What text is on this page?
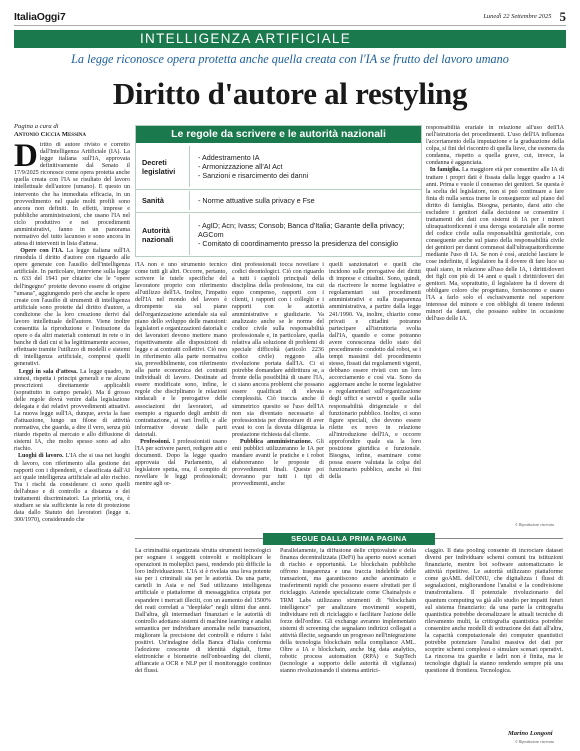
ItaliaOggi7	Lunedì 22 Settembre 2025 5
INTELLIGENZA ARTIFICIALE
La legge riconosce opera protetta anche quella creata con l'IA se frutto del lavoro umano
Diritto d'autore al restyling
Pagina a cura di
Antonio Ciccia Messina

Diritto di autore rivisto e corretto dall'Intelligenza Artificiale (IA). La legge italiana sull'IA, approvata definitivamente dal Senato il 17/9/2025 riconosce come opera protetta anche quella creata con l'IA se risultato del lavoro intellettuale dell'autore (umano). E questo un intervento che ha immediata efficacia, in un provvedimento nel quale molti profili sono ancora non definiti. In effetti, imprese e pubbliche amministrazioni, che usano l'IA nel ciclo produttivo e nei procedimenti amministrativi, fanno in un panorama normativo del tutto lacunoso e sono ancora in attesa di interventi in lista d'attesa.

Opere con l'IA. La legge italiana sull'IA rimodula il diritto d'autore con riguardo alle opere generate con l'ausilio dell'intelligenza artificiale. In particolare, interviene sulla legge n. 633 del 1941 per chiarire che le "opere dell'ingegno" protette devono essere di origine "umana", aggiungendo però che anche le opere create con l'ausilio di strumenti di intelligenza artificiale sono protette dal diritto d'autore, a condizione che la loro creazione derivi dal lavoro intellettuale dell'autore. Viene inoltre consentita la riproduzione e l'estrazione da opere o da altri materiali contenuti in rete o in banche di dati cui si ha legittimamente accesso, effettuate tramite l'utilizzo di modelli e sistemi di intelligenza artificiale, compresi quelli generativi.

Leggi in sala d'attesa. La legge quadro, in sintesi, rispetta i principi generali e ne alcune prescrizioni direttamente applicabili (soprattutto in campo penale). Ma il grosso delle regole dovrà venire dalla legislazione delegata e dai relativi provvedimenti attuativi. La nuova legge sull'IA, dunque, avvia la fase d'attuazione, lungo un filone di attività normativa, che guarda, a dire il vero, senza più ritardo rispetto al mercato e allo diffusione di sistemi IA, che molto spesso sono ad alto rischio.

Luoghi di lavoro. L'IA che si usa nei luoghi di lavoro, con riferimento alla gestione dei rapporti con i dipendenti, e classificata dall'AI act quale intelligenza artificiale ad alto rischio. Tra i rischi da considerare ci sono quelli dell'abuso e di controllo a distanza e dei trattamenti discriminatori. La priorità, ora, è studiare se sia sufficiente la rete di protezione data dallo Statuto dei lavoratori (legge n. 300/1970), considerando che

Le regole da scrivere e le autorità nazionali
Decreti legislativi
- Addestramento IA
- Armonizzazione all'AI Act
- Sanzioni e risarcimento dei danni
Sanità
-	Norme attuative sulla privacy e Fse
Autorità nazionali
- AgID; Acn; Ivass; Consob; Banca d'Italia; Garante della privacy; AGCom
- Comitato di coordinamento presso la presidenza del consiglio

l'IA non è uno strumento tecnico come tutti gli altri. Occorre, pertanto, scrivere le tutele specifiche del lavoratore proprio con riferimento all'utilizzo dell'IA. Inoltre, l'impatto dell'IA nel mondo del lavoro è dirompente sia sul piano dell'organizzazione aziendale sia sul piano dello sviluppo delle mansioni: legislatori e organizzazioni datoriali e dei lavoratori devono mettere mano rispettivamente alle disposizioni di legge e ai contratti collettivi. Ciò non in riferimento alla parte normativa sia, prevedibilmente, con riferimento alla parte economica dei contratti individuali di lavoro. Destinate ad essere modificate sono, infine, le regole che disciplinano le relazioni sindacali e le prerogative delle associazioni dei lavoratori, ad esempio a riguardo degli ambiti di contrattazione, ai vari livelli, e alle informative dovute dalle parti datoriali.

Professioni. I professionisti usano l'IA per scrivere pareri, redigere atti e documenti. Dopo la legge quadro approvata dal Parlamento, al legislatore spetta, ora, il compito di novellare le leggi professionali; mentre agli or-

dini professionali tocca novellare i codici deontologici. Ciò con riguardo a tutti i capitoli principali della disciplina della professione, tra cui equo compenso, rapporti con i clienti, i rapporti con i colleghi e i rapporti con le autorità amministrative e giudiziarie. Va analizzato anche se le norme del codice civile sulla responsabilità professionale e, in particolare, quella relativa alla soluzione di problemi di speciale difficoltà (articolo 2236 codice civile) reggono alla rivoluzione portata dall'IA. Ci si potrebbe domandare addirittura se, a fronte della possibilità di usare l'IA, ci siano ancora problemi che possano essere qualificati di elevata complessità. Ciò traccia anche il simmetrico quesito se l'uso dell'IA non sia diventato necessario al professionista per dimostrare di aver evasi to con la dovuta diligenza la prestazione richiesta dal cliente.

Pubblica amministrazione. Gli enti pubblici utilizzeranno le IA per mandare avanti le pratiche e i robot elaboreranno le proposte di provvedimenti finali. Queste poi dovranno pur tutti i tipi di provvedimenti, anche

quelli sanzionatori e quelli che incidono sulle prerogative dei diritti di imprese e cittadini. Sono, quindi, da riscrivere le norme legislative e regolamentari sui procedimenti amministrativi e sulla trasparenza amministrativa, a partire dalla legge 241/1990. Va, inoltre, chiarito come privati e cittadini potranno partecipare all'istruttoria svolta dall'IA, quando e come potranno avere conoscenza dello stato del procedimento condotto dal robot, se i tempi massimi del procedimento stesso, fissati dai regolamenti vigenti, debbano essere rivisti con un loro accorciamento e così via. Sono da aggiornare anche le norme legislative e regolamentari sull'organizzazione degli uffici e servizi e quelle sulla responsabilità dirigenziale e del funzionario pubblico. Inoltre, ci sono figure speciali, che devono essere rilette ex novo in relazione all'introduzione dell'IA, e occorre approfondire quale sia la loro posizione giuridica e funzionale. Bisogna, infine, esaminare come possa essere valutata la colpa del funzionario pubblico, anche sì fini della

responsabilità erariale in relazione all'uso dell'IA nell'istruttoria dei procedimenti. L'uso dell'IA influenza l'accertamento della imputazione e la graduazione della colpa, si fini del riscontro di quella lieve, che esonera da condanna, rispetto a quella grave, cui, invece, la condanna è agganciata.

In famiglia. La maggiore età per consentire alle IA di trattare i propri dati è fissata dalla legge quadro a 14 anni. Prima e vuole il consenso dei genitori. Se questa è la scelta del legislatore, non si può continuare a fare finta di nulla senza trarne le conseguenze sul piano del diritto di famiglia. Bisogna, pertanto, darsi atto che escludere i genitori dalla decisione se consentire i trattamenti dei dati con sistemi di IA per i minori ultraquattordicenni è una deroga sostanziale alle norme del codice civile sulla responsabilità genitoriale, con conseguente anche sul piano della responsabilità civile dei genitori per danni commessi dall'ultraquattordicenne mediante l'uso di IA. Se non è così, anziché lasciare le cose indefinite, il legislatore ha il dovere di fare luce su quali siano, in relazione all'uso delle IA, i diritti/doveri dei figli con più di 14 anni e quali i diritti/doveri dei genitori. Ma, soprattutto, il legislatore ha il dovere di obbligare coloro che progettano, fornisconno e usano l'IA a farlo solo el esclusivamente nel superiore interesse del minore e con obblighi di tenere indenni minori da danni, che possano subire in occasione dell'uso delle IA.

© Riproduzione riservata
SEGUE DALLA PRIMA PAGINA

La criminalità organizzata sfrutta strumenti tecnologici per sognare i soggetti coinvolti e moltiplicare le operazioni in molteplici paesi, rendendo più difficile la loro individuazione. L'IA si è rivelata una leva potente sia per i criminali sia per le autorità. Da una parte, carteili in Asia e nel Sud utilizzano intelligenza artificiale e piattaforme di messaggistica criptata per espandere i mercati illeciti, con un aumento del 1500% dei reati correlati a "deepfake" negli ultimi due anni. Dall'altra, gli intermediari finanziari e le autorità di controllo adottano sistemi di machine learning e analisi semantica per individuare anomalie nelle transazioni, migliorare la precisione dei controlli e ridurre i falsi positivi. Un'indagine della Banca d'Italia conferma l'adozione crescente di identità digitali, firme elettroniche e biometrie nell'onboarding dei clienti, affiancate a OCR e NLP per il monitoraggio continuo dei flussi.

Parallelamente, la diffusione delle criptovalute e della finanza decentralizzata (DeFi) ha aperto nuovi scenari di rischio e opportunità. Le blockchain pubbliche offrono trasparenza e una traccia indelebile delle transazioni, ma garantiscono anche anonimato e trasferimenti rapidi che possono essere sfruttati per il riciclaggio. Aziende specializzate come Chainalysis e TRM Labs utilizzano strumenti di "blockchain intelligence" per analizzare movimenti sospetti, individuare reti di riciclaggio e facilitare l'azione delle forze dell'ordine. Gli exchange avranno implementato sistemi di screening che segnalano indirizzi collegati a attività illecite, segnando un progresso nell'integrazione della tecnologia blockchain nella compliance AML. Oltre a IA e blockchain, anche big data analytics, robotic process automation (RPA) e SupTech (tecnologie a supporto delle autorità di vigilanza) stanno rivoluzionando il sistema antirici-

claggio. Il data pooling consente di incrociare dataset diversi per individuare schemi comuni tra istituzioni finanziarie, mentre bot software automatizzano le attività ripetitive. Le autorità utilizzano piattaforme come goAML dell'ONU, che digitalizza i flussi di segnalazioni, migliorandone l'analisi e la condivisione transfrontaliera. Il potenziale rivoluzionario del quantum computing va già allo studio per impatti futuri sul sistema finanziario: da una parte la crittografia quantistica potrebbe decenalizzare le attuali tecniche di rilevamento multi, la crittografia quantistica potrebbe consentire anche modelli di sottrazione dei dati all'altra, la capacità computazionale dei computer quantistici potrebbe potenziare l'analisi massiva dei dati per scoprire schemi complessi o simulare scenari operativi. La rincorsa tra guardie e ladri non è finita, ma le tecnologie digitali la stanno rendendo sempre più una questione di frontiera. Tecnologica.

Marino Longoni
© Riproduzione riservata
